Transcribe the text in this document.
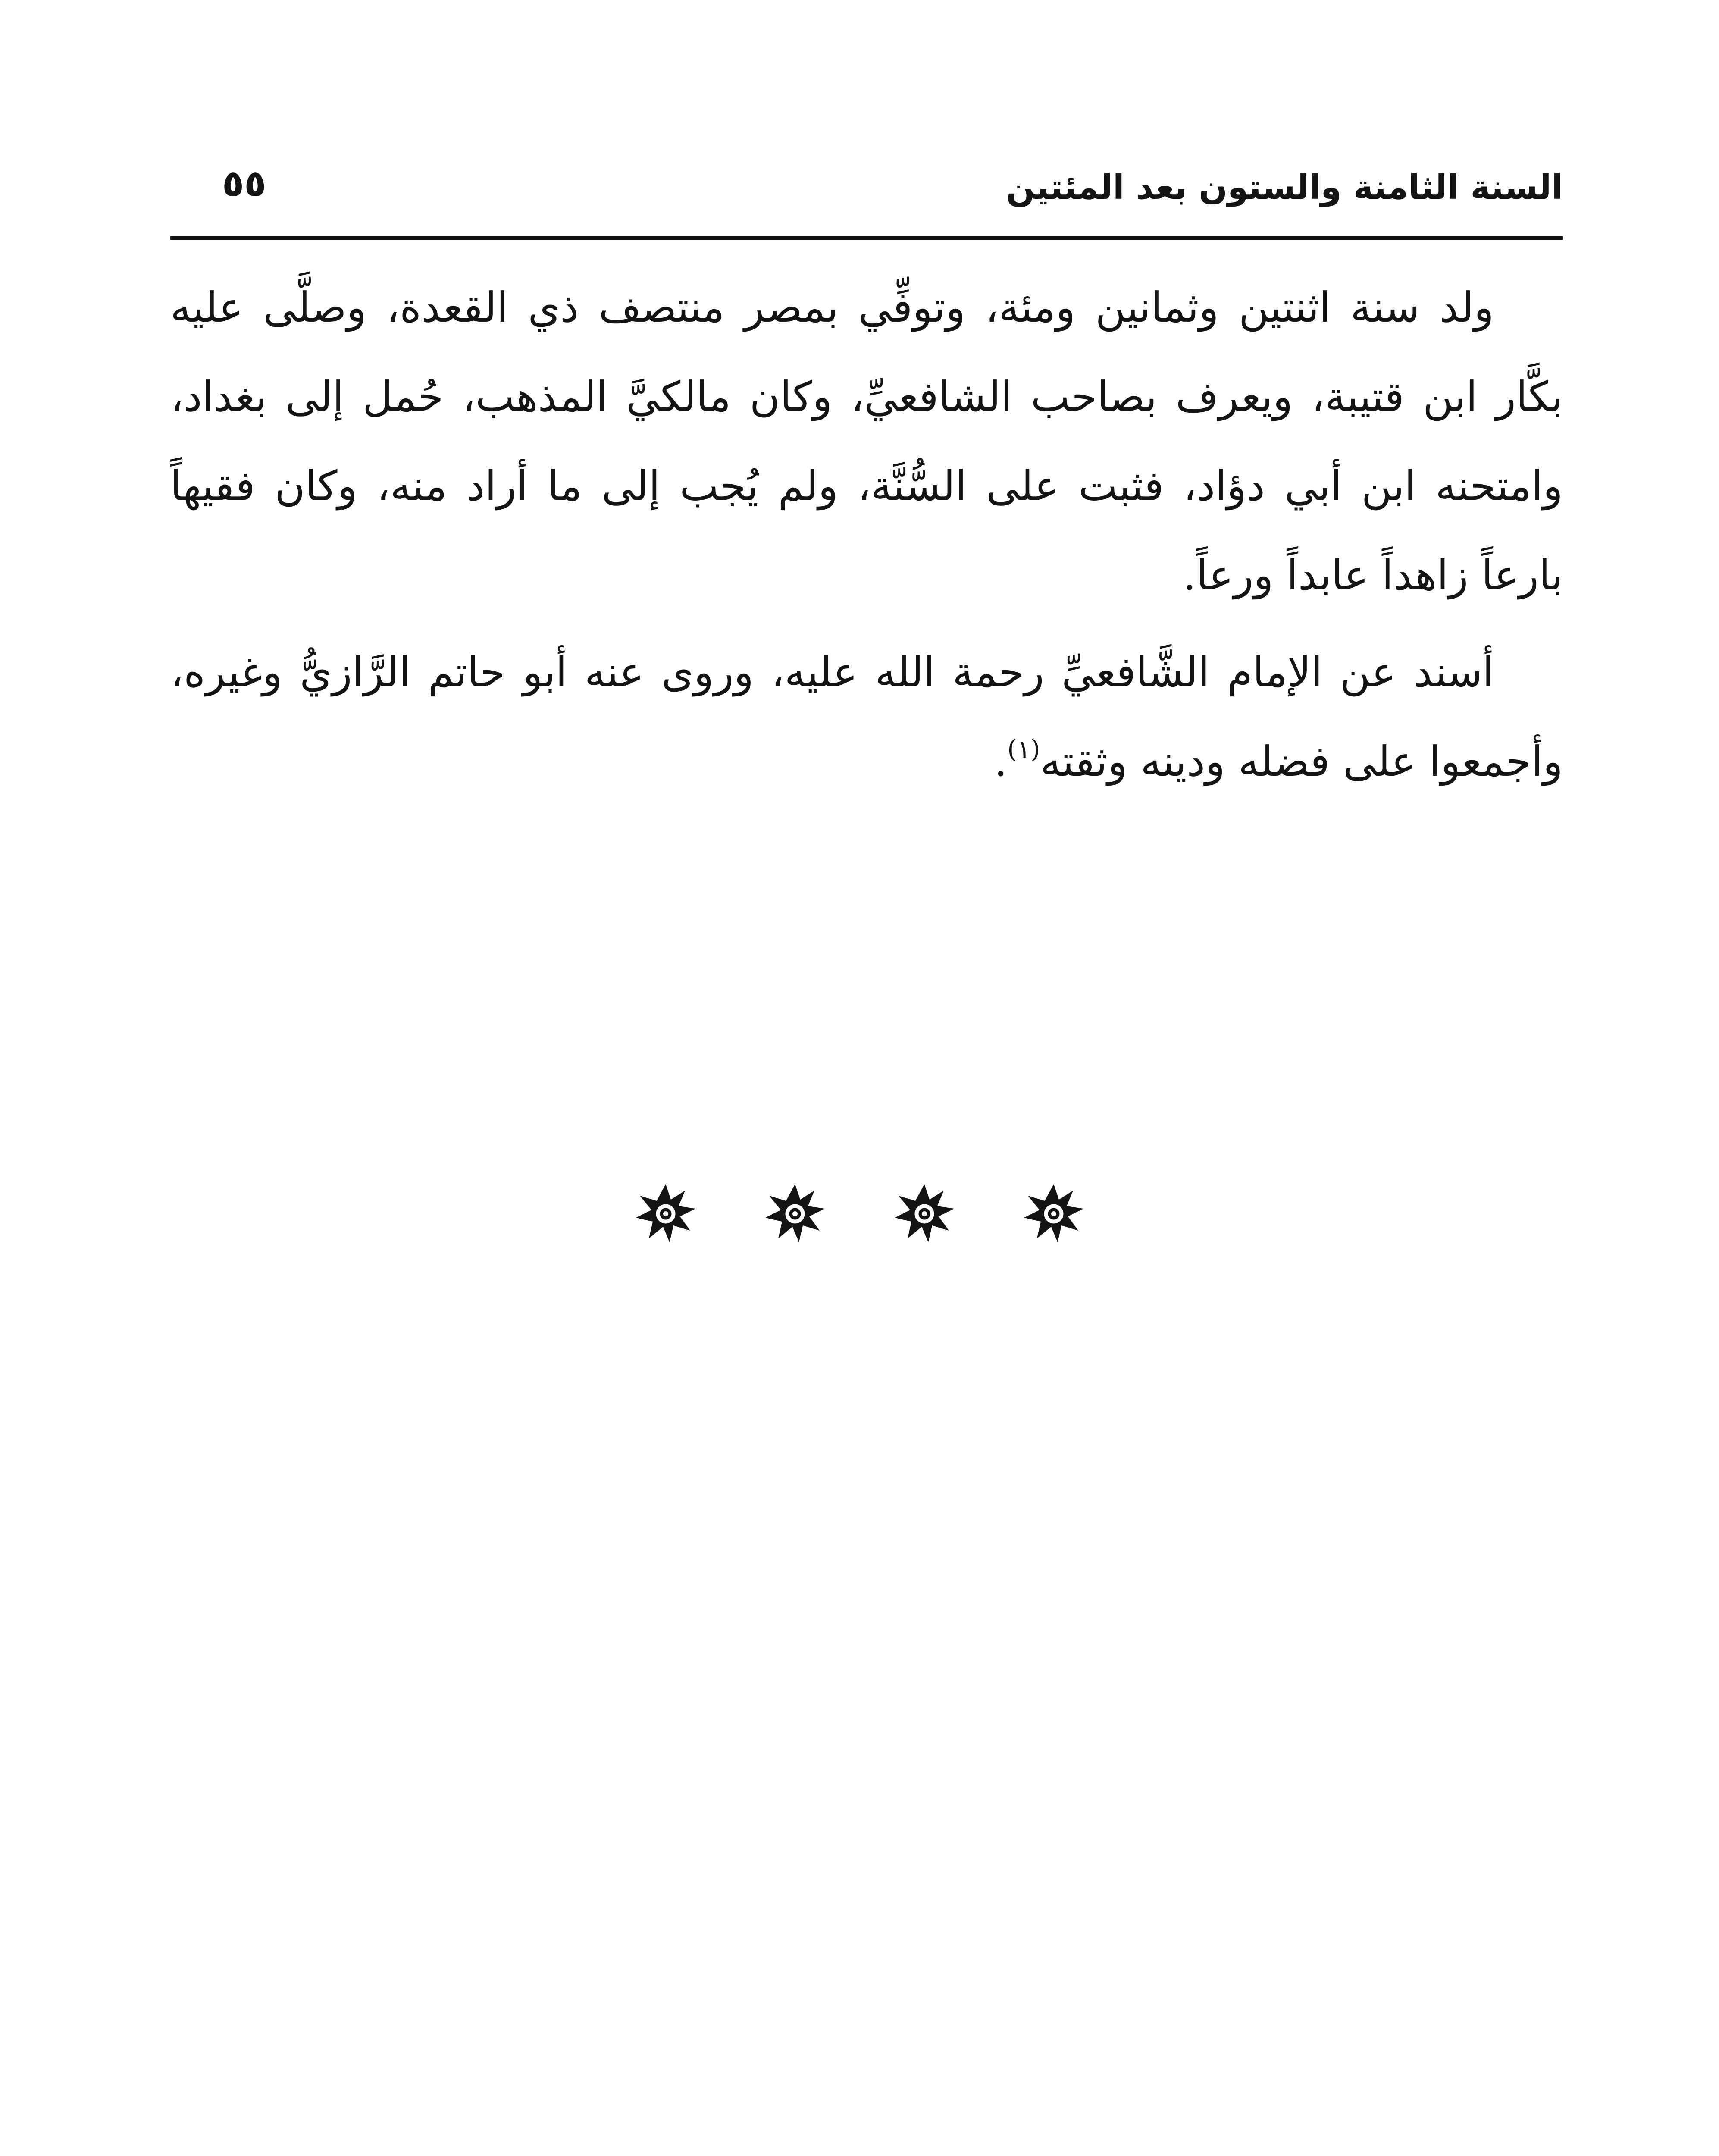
السنة الثامنة والستون بعد المئتين
٥٥

ولد سنة اثنتين وثمانين ومئة، وتوفِّي بمصر منتصف ذي القعدة، وصلَّى عليه بكَّار ابن قتيبة، ويعرف بصاحب الشافعيِّ، وكان مالكيَّ المذهب، حُمل إلى بغداد، وامتحنه ابن أبي دؤاد، فثبت على السُّنَّة، ولم يُجب إلى ما أراد منه، وكان فقيهاً بارعاً زاهداً عابداً ورعاً.

أسند عن الإمام الشَّافعيِّ رحمة الله عليه، وروى عنه أبو حاتم الرَّازيُّ وغيره، وأجمعوا على فضله ودينه وثقته$^{(١)}$.
